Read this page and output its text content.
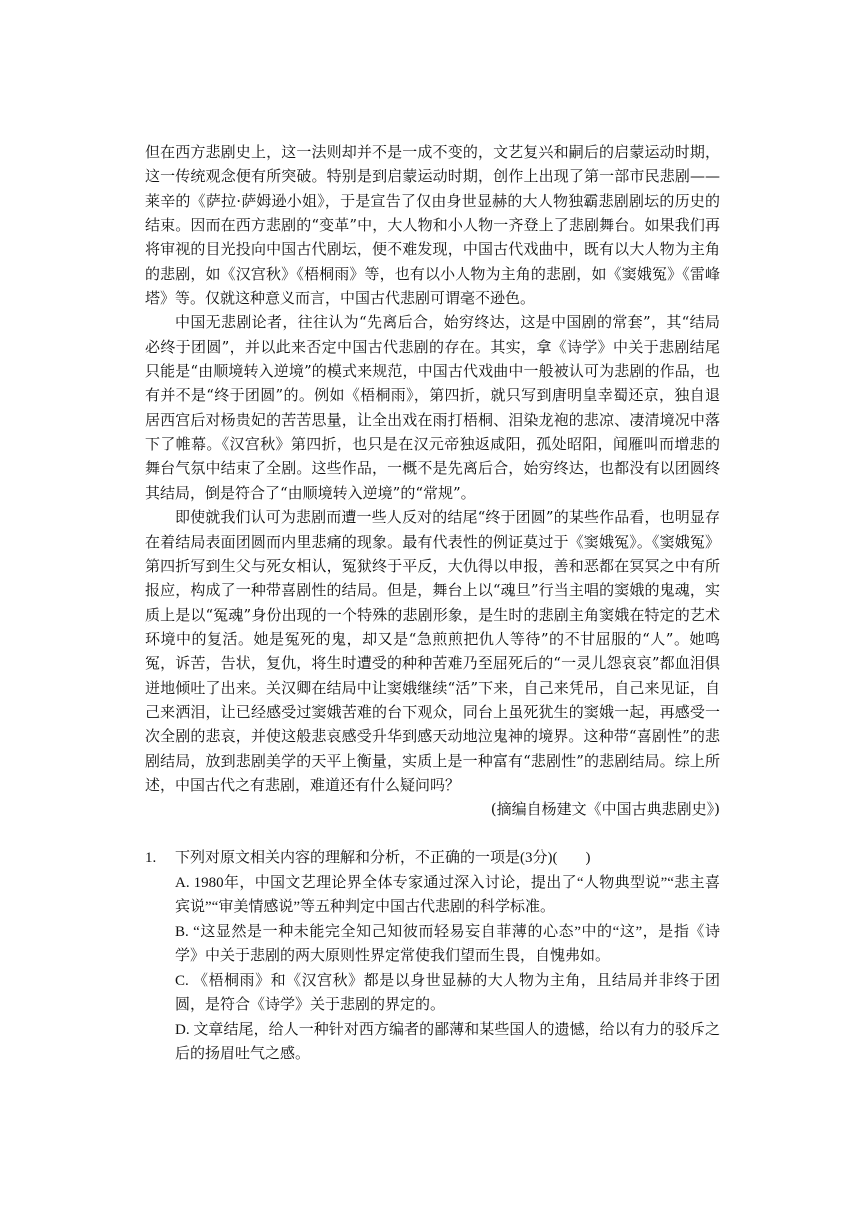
但在西方悲剧史上，这一法则却并不是一成不变的，文艺复兴和嗣后的启蒙运动时期，这一传统观念便有所突破。特别是到启蒙运动时期，创作上出现了第一部市民悲剧——莱辛的《萨拉·萨姆逊小姐》，于是宣告了仅由身世显赫的大人物独霸悲剧剧坛的历史的结束。因而在西方悲剧的“变革”中，大人物和小人物一齐登上了悲剧舞台。如果我们再将审视的目光投向中国古代剧坛，便不难发现，中国古代戏曲中，既有以大人物为主角的悲剧，如《汉宫秋》《梧桐雨》等，也有以小人物为主角的悲剧，如《窦娥冤》《雷峰塔》等。仅就这种意义而言，中国古代悲剧可谓毫不逊色。

中国无悲剧论者，往往认为“先离后合，始穷终达，这是中国剧的常套”，其“结局必终于团圆”，并以此来否定中国古代悲剧的存在。其实，拿《诗学》中关于悲剧结尾只能是“由顺境转入逆境”的模式来规范，中国古代戏曲中一般被认可为悲剧的作品，也有并不是“终于团圆”的。例如《梧桐雨》，第四折，就只写到唐明皇幸蜀还京，独自退居西宫后对杨贵妃的苦苦思量，让全出戏在雨打梧桐、泪染龙袍的悲凉、凄清境况中落下了帷幕。《汉宫秋》第四折，也只是在汉元帝独返咸阳，孤处昭阳，闻雁叫而增悲的舞台气氛中结束了全剧。这些作品，一概不是先离后合，始穷终达，也都没有以团圆终其结局，倒是符合了“由顺境转入逆境”的“常规”。

即使就我们认可为悲剧而遭一些人反对的结尾“终于团圆”的某些作品看，也明显存在着结局表面团圆而内里悲痛的现象。最有代表性的例证莫过于《窦娥冤》。《窦娥冤》第四折写到生父与死女相认，冤狱终于平反，大仇得以申报，善和恶都在冥冥之中有所报应，构成了一种带喜剧性的结局。但是，舞台上以“魂旦”行当主唱的窦娥的鬼魂，实质上是以“冤魂”身份出现的一个特殊的悲剧形象，是生时的悲剧主角窦娥在特定的艺术环境中的复活。她是冤死的鬼，却又是“急煎煎把仇人等待”的不甘屈服的“人”。她鸣冤，诉苦，告状，复仇，将生时遭受的种种苦难乃至屈死后的“一灵儿怨哀哀”都血泪俱迸地倾吐了出来。关汉卿在结局中让窦娥继续“活”下来，自己来凭吊，自己来见证，自己来洒泪，让已经感受过窦娥苦难的台下观众，同台上虽死犹生的窦娥一起，再感受一次全剧的悲哀，并使这般悲哀感受升华到感天动地泣鬼神的境界。这种带“喜剧性”的悲剧结局，放到悲剧美学的天平上衡量，实质上是一种富有“悲剧性”的悲剧结局。综上所述，中国古代之有悲剧，难道还有什么疑问吗？

(摘编自杨建文《中国古典悲剧史》)

1.	下列对原文相关内容的理解和分析，不正确的一项是(3分)( )

A. 1980年，中国文艺理论界全体专家通过深入讨论，提出了“人物典型说”“悲主喜宾说”“审美情感说”等五种判定中国古代悲剧的科学标准。

B. “这显然是一种未能完全知己知彼而轻易妄自菲薄的心态”中的“这”，是指《诗学》中关于悲剧的两大原则性界定常使我们望而生畏，自愧弗如。

C. 《梧桐雨》和《汉宫秋》都是以身世显赫的大人物为主角，且结局并非终于团圆，是符合《诗学》关于悲剧的界定的。

D. 文章结尾，给人一种针对西方编者的鄙薄和某些国人的遗憾，给以有力的驳斥之后的扬眉吐气之感。
